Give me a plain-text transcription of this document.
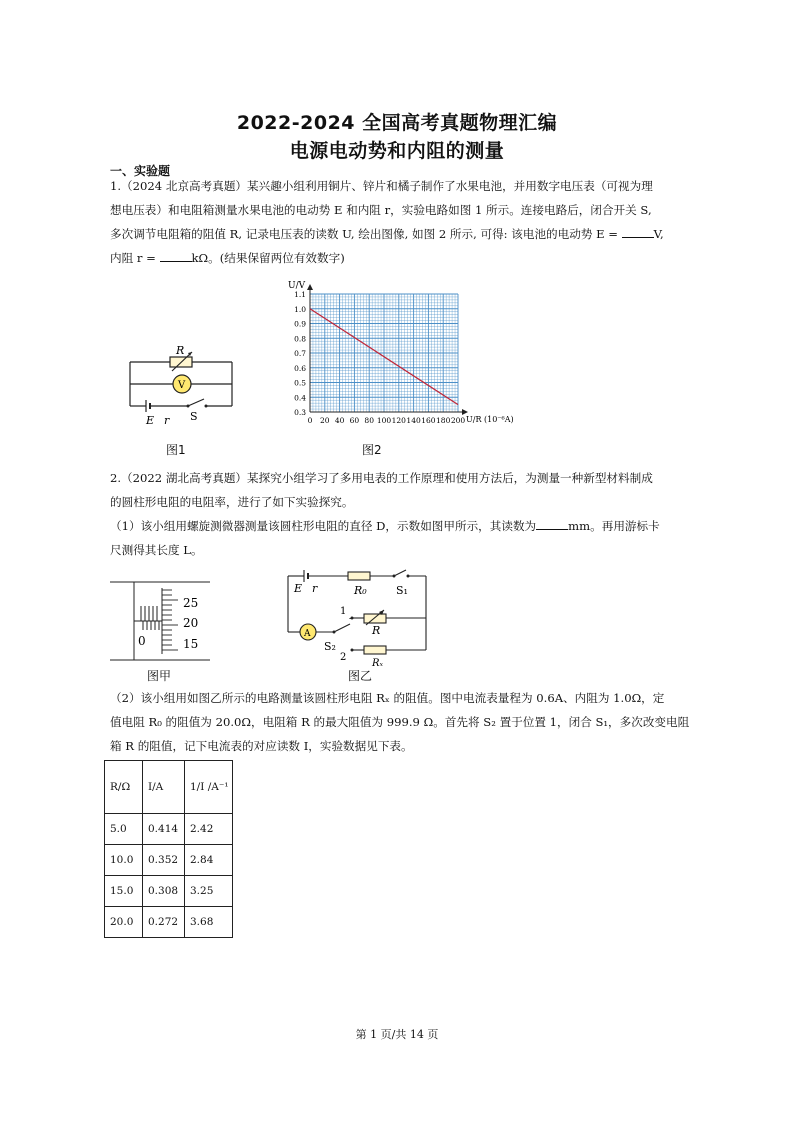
2022-2024 全国高考真题物理汇编
电源电动势和内阻的测量
一、实验题
1.（2024 北京高考真题）某兴趣小组利用铜片、锌片和橘子制作了水果电池，并用数字电压表（可视为理
想电压表）和电阻箱测量水果电池的电动势 E 和内阻 r，实验电路如图 1 所示。连接电路后，闭合开关 S,
多次调节电阻箱的阻值 R, 记录电压表的读数 U, 绘出图像, 如图 2 所示, 可得: 该电池的电动势 E =	V,
内阻 r =	kΩ。(结果保留两位有效数字)
R
V
E r S
图1
0 20 40 60 80 100 120 140 160 180 200
0.3
0.4
0.5
0.6
0.7
0.8
0.9
1.0
1.1
U/R (10⁻⁶A)
U/V
图2
2.（2022 湖北高考真题）某探究小组学习了多用电表的工作原理和使用方法后，为测量一种新型材料制成
的圆柱形电阻的电阻率，进行了如下实验探究。
（1）该小组用螺旋测微器测量该圆柱形电阻的直径 D，示数如图甲所示，其读数为	mm。再用游标卡
尺测得其长度 L。
25
20
15
0
图甲
E r	R₀	S₁
1
R
A
S₂
2
Rₓ
图乙
（2）该小组用如图乙所示的电路测量该圆柱形电阻 Rₓ 的阻值。图中电流表量程为 0.6A、内阻为 1.0Ω，定
值电阻 R₀ 的阻值为 20.0Ω，电阻箱 R 的最大阻值为 999.9 Ω。首先将 S₂ 置于位置 1，闭合 S₁，多次改变电阻
箱 R 的阻值，记下电流表的对应读数 I，实验数据见下表。
R/Ω	I/A	1/I /A⁻¹
5.0	0.414	2.42
10.0	0.352	2.84
15.0	0.308	3.25
20.0	0.272	3.68
第 1 页/共 14 页
